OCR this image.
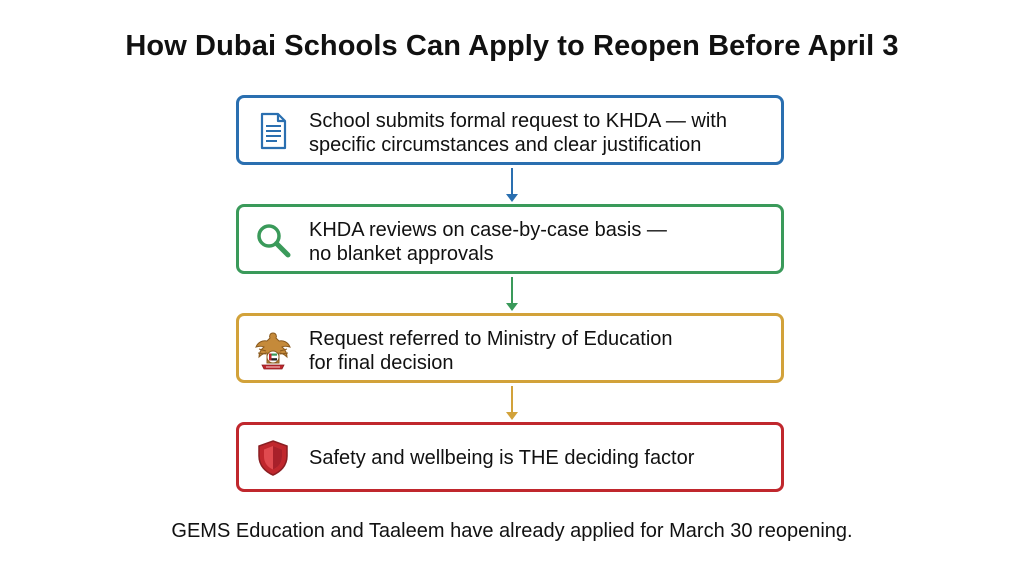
How Dubai Schools Can Apply to Reopen Before April 3
School submits formal request to KHDA — with
specific circumstances and clear justification
KHDA reviews on case-by-case basis —
no blanket approvals
Request referred to Ministry of Education
for final decision
Safety and wellbeing is THE deciding factor
GEMS Education and Taaleem have already applied for March 30 reopening.
